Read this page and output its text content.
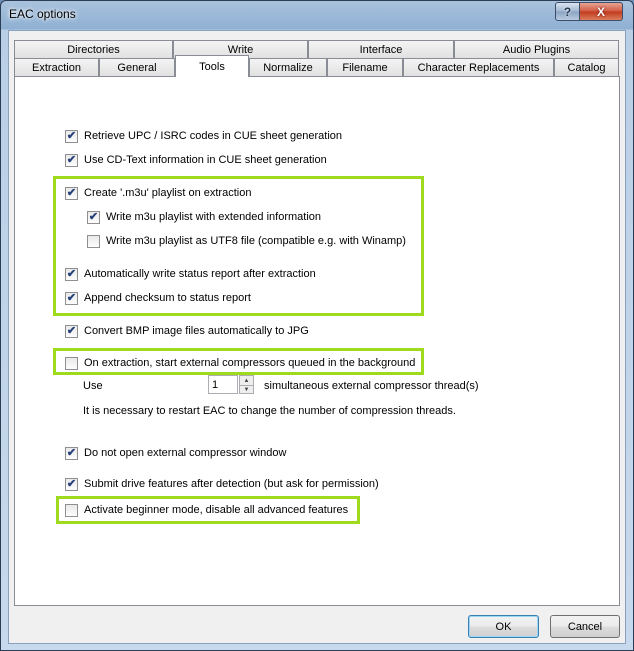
EAC options	? X
Directories	Write	Interface	Audio Plugins
Extraction	General	Tools	Normalize	Filename	Character Replacements	Catalog
✔ Retrieve UPC / ISRC codes in CUE sheet generation
✔ Use CD-Text information in CUE sheet generation
✔ Create '.m3u' playlist on extraction
✔ Write m3u playlist with extended information
Write m3u playlist as UTF8 file (compatible e.g. with Winamp)
✔ Automatically write status report after extraction
✔ Append checksum to status report
✔ Convert BMP image files automatically to JPG
On extraction, start external compressors queued in the background
Use
1	▲
▼	simultaneous external compressor thread(s)
It is necessary to restart EAC to change the number of compression threads.
✔ Do not open external compressor window
✔ Submit drive features after detection (but ask for permission)
Activate beginner mode, disable all advanced features
OK	Cancel
